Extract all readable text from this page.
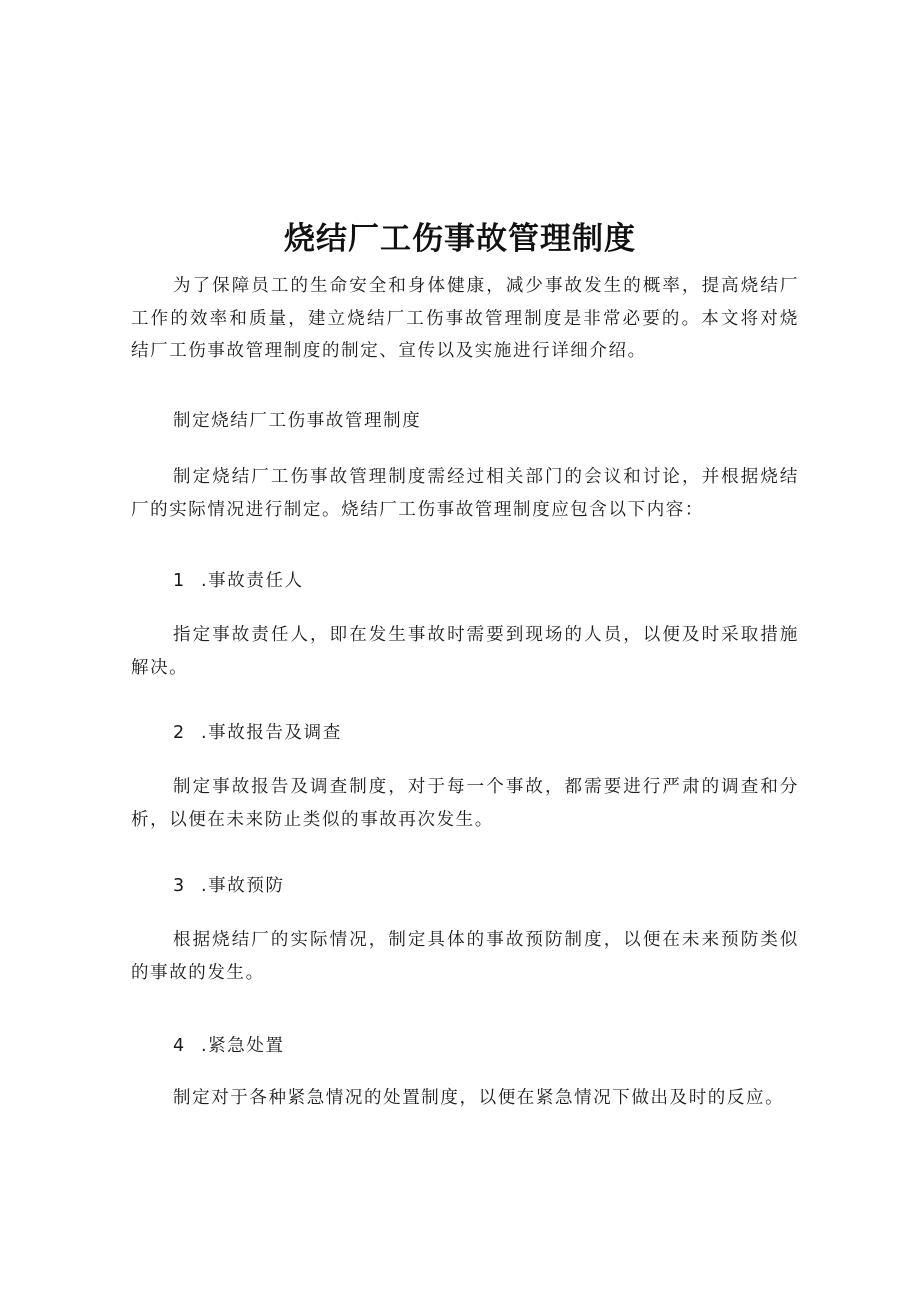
烧结厂工伤事故管理制度

为了保障员工的生命安全和身体健康，减少事故发生的概率，提高烧结厂工作的效率和质量，建立烧结厂工伤事故管理制度是非常必要的。本文将对烧结厂工伤事故管理制度的制定、宣传以及实施进行详细介绍。

制定烧结厂工伤事故管理制度

制定烧结厂工伤事故管理制度需经过相关部门的会议和讨论，并根据烧结厂的实际情况进行制定。烧结厂工伤事故管理制度应包含以下内容：

1 .事故责任人

指定事故责任人，即在发生事故时需要到现场的人员，以便及时采取措施解决。

2 .事故报告及调查

制定事故报告及调查制度，对于每一个事故，都需要进行严肃的调查和分析，以便在未来防止类似的事故再次发生。

3 .事故预防

根据烧结厂的实际情况，制定具体的事故预防制度，以便在未来预防类似的事故的发生。

4 .紧急处置

制定对于各种紧急情况的处置制度，以便在紧急情况下做出及时的反应。
